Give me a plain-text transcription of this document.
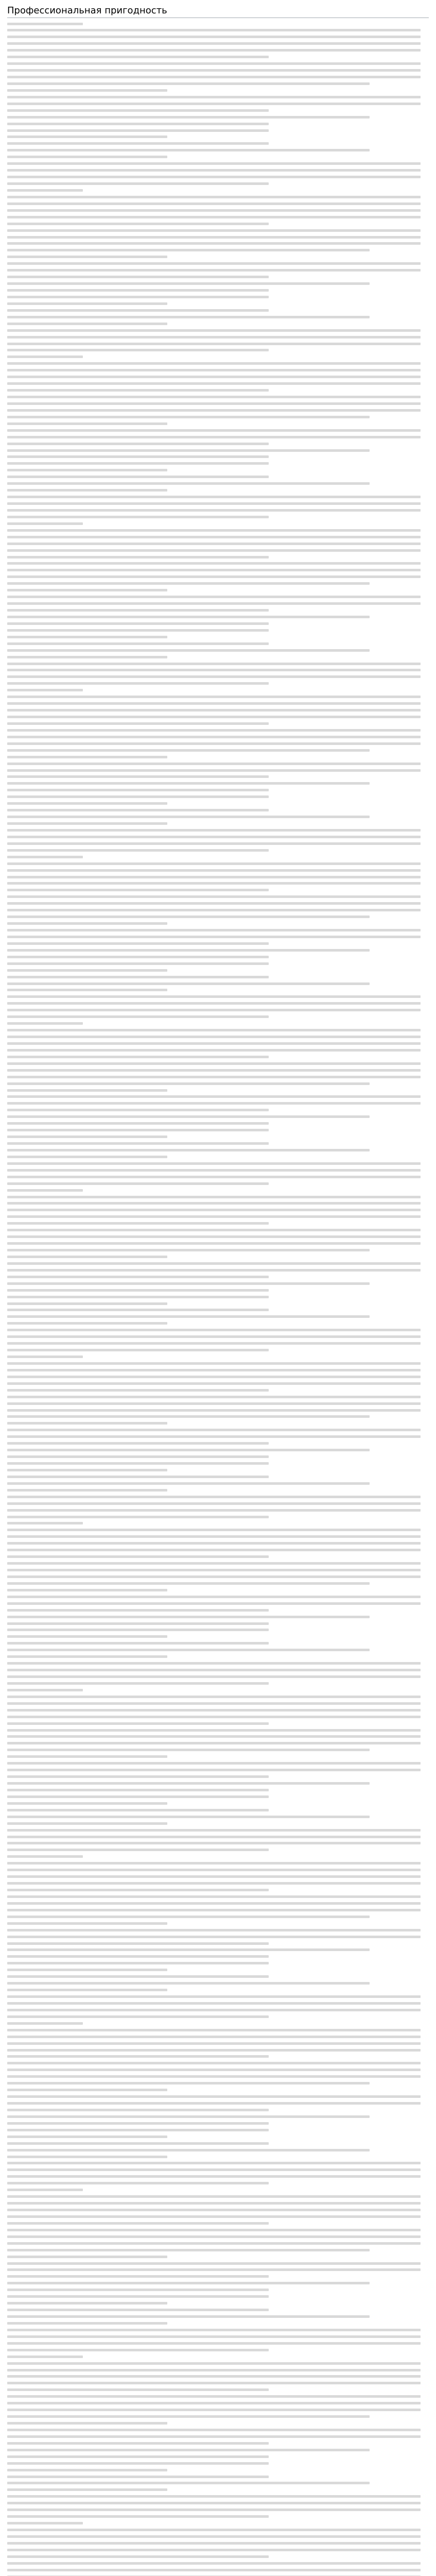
Профессиональная пригодность
